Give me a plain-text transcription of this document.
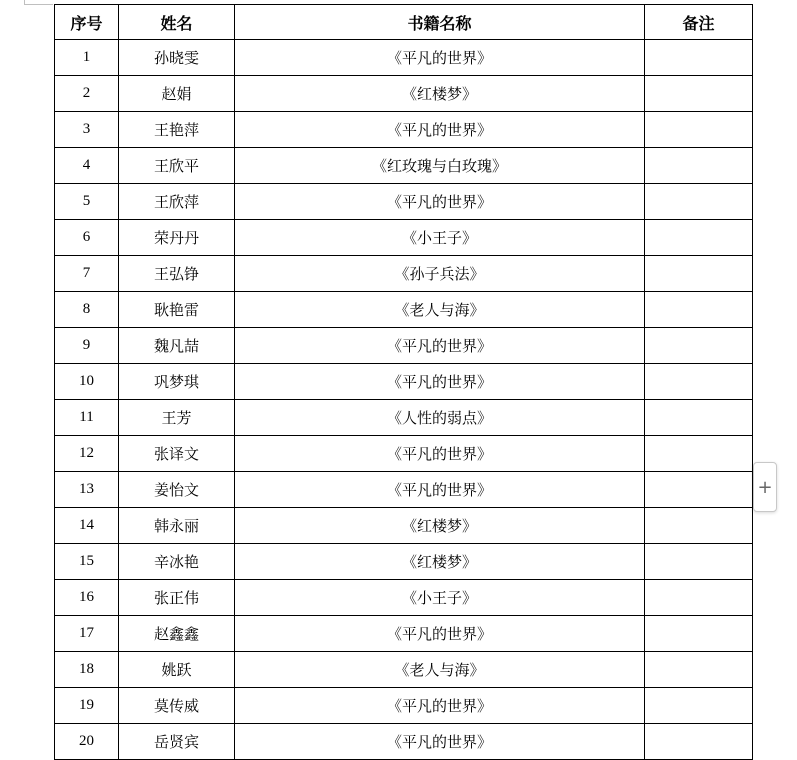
序号	姓名	书籍名称	备注
1	孙晓雯	《平凡的世界》	
2	赵娟	《红楼梦》	
3	王艳萍	《平凡的世界》	
4	王欣平	《红玫瑰与白玫瑰》	
5	王欣萍	《平凡的世界》	
6	荣丹丹	《小王子》	
7	王弘铮	《孙子兵法》	
8	耿艳雷	《老人与海》	
9	魏凡喆	《平凡的世界》	
10	巩梦琪	《平凡的世界》	
11	王芳	《人性的弱点》	
12	张译文	《平凡的世界》	
13	姜怡文	《平凡的世界》	
14	韩永丽	《红楼梦》	
15	辛冰艳	《红楼梦》	
16	张正伟	《小王子》	
17	赵鑫鑫	《平凡的世界》	
18	姚跃	《老人与海》	
19	莫传威	《平凡的世界》	
20	岳贤宾	《平凡的世界》	
+
